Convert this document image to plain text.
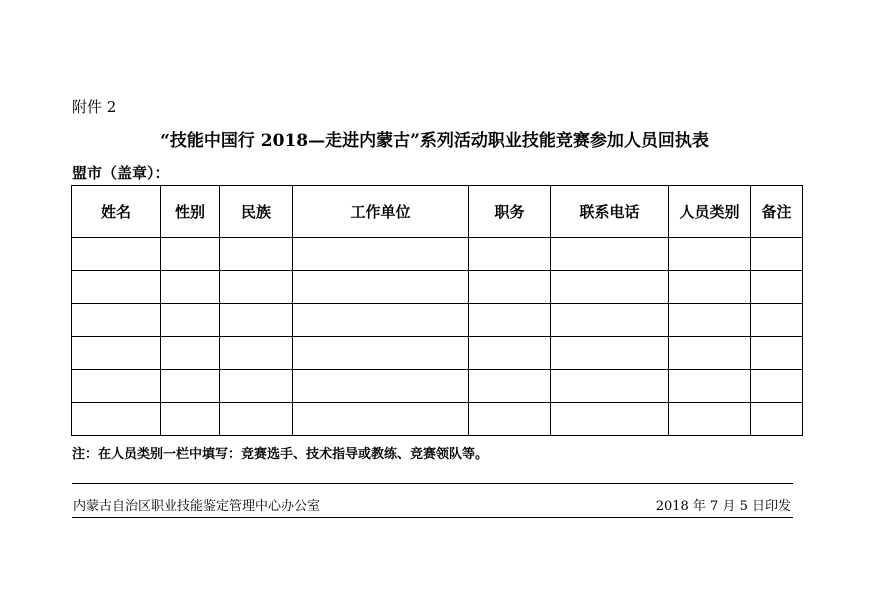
附件 2
“技能中国行 2018—走进内蒙古”系列活动职业技能竞赛参加人员回执表
盟市（盖章）：
姓名	性别	民族	工作单位	职务	联系电话	人员类别	备注

注：在人员类别一栏中填写：竞赛选手、技术指导或教练、竞赛领队等。
内蒙古自治区职业技能鉴定管理中心办公室	2018 年 7 月 5 日印发
